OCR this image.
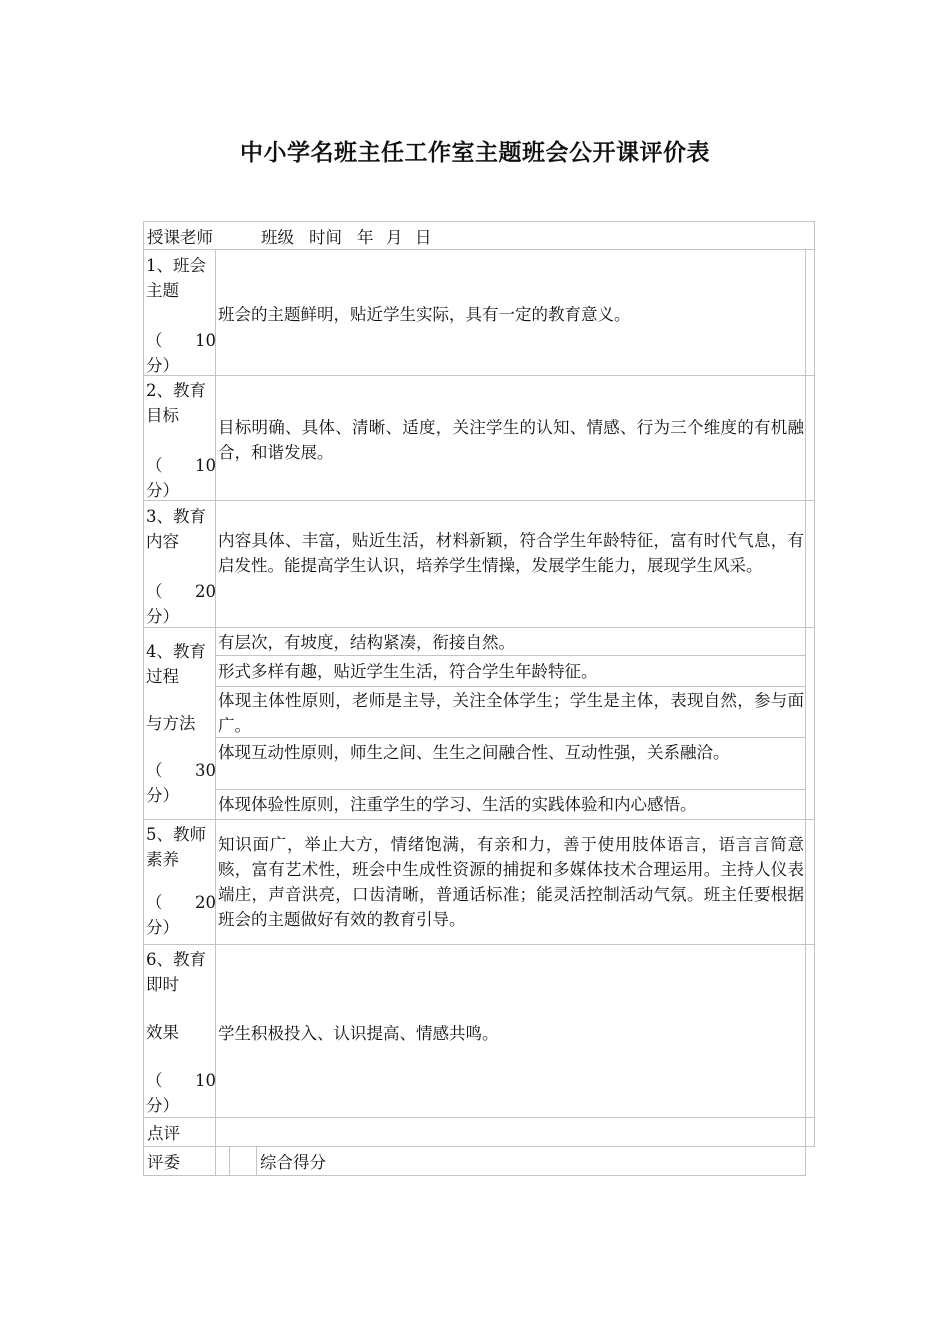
中小学名班主任工作室主题班会公开课评价表
授课老师	班级 时间 年 月 日
1、班会
主题
（ 10
分）
班会的主题鲜明，贴近学生实际，具有一定的教育意义。
2、教育
目标
（ 10
分）
目标明确、具体、清晰、适度，关注学生的认知、情感、行为三个维度的有机融合，和谐发展。
3、教育
内容
（ 20
分）
内容具体、丰富，贴近生活，材料新颖，符合学生年龄特征，富有时代气息，有启发性。能提高学生认识，培养学生情操，发展学生能力，展现学生风采。
4、教育
过程
与方法
（ 30
分）
有层次，有坡度，结构紧凑，衔接自然。
形式多样有趣，贴近学生生活，符合学生年龄特征。
体现主体性原则，老师是主导，关注全体学生；学生是主体，表现自然，参与面广。
体现互动性原则，师生之间、生生之间融合性、互动性强，关系融洽。
体现体验性原则，注重学生的学习、生活的实践体验和内心感悟。
5、教师
素养
（ 20
分）
知识面广，举止大方，情绪饱满，有亲和力，善于使用肢体语言，语言言简意赅，富有艺术性，班会中生成性资源的捕捉和多媒体技术合理运用。主持人仪表端庄，声音洪亮，口齿清晰，普通话标准；能灵活控制活动气氛。班主任要根据班会的主题做好有效的教育引导。
6、教育
即时
效果
（ 10
分）
学生积极投入、认识提高、情感共鸣。
点评
评委	综合得分
